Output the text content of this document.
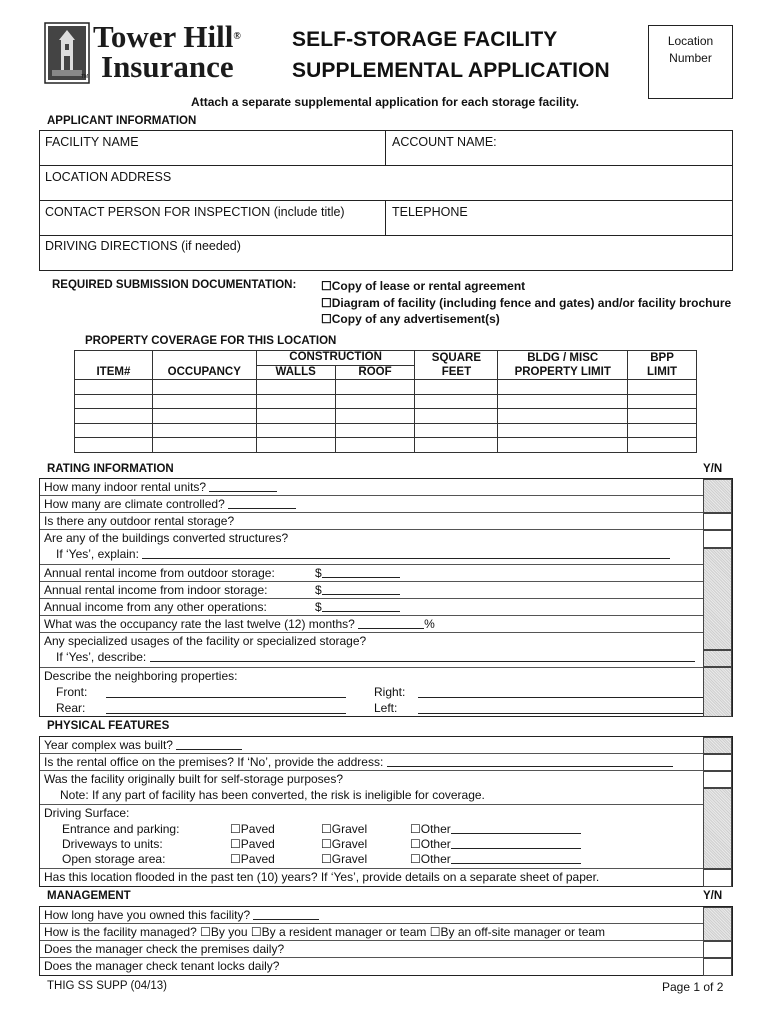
Tower Hill®
Insurance
TM
SELF-STORAGE FACILITY
SUPPLEMENTAL APPLICATION
Location
Number
Attach a separate supplemental application for each storage facility.
APPLICANT INFORMATION
FACILITY NAME	ACCOUNT NAME:
LOCATION ADDRESS
CONTACT PERSON FOR INSPECTION (include title)	TELEPHONE
DRIVING DIRECTIONS (if needed)
REQUIRED SUBMISSION DOCUMENTATION: ☐Copy of lease or rental agreement
☐Diagram of facility (including fence and gates) and/or facility brochure
☐Copy of any advertisement(s)
PROPERTY COVERAGE FOR THIS LOCATION
ITEM#	OCCUPANCY	CONSTRUCTION		SQUARE	BLDG / MISC	BPP
		WALLS	ROOF	FEET	PROPERTY LIMIT	LIMIT

RATING INFORMATION	Y/N
How many indoor rental units?
How many are climate controlled?
Is there any outdoor rental storage?
Are any of the buildings converted structures?
If ‘Yes’, explain:
Annual rental income from outdoor storage:	$
Annual rental income from indoor storage:	$
Annual income from any other operations:	$
What was the occupancy rate the last twelve (12) months?	%
Any specialized usages of the facility or specialized storage?
If ‘Yes’, describe:
Describe the neighboring properties:
Front:	Right:
Rear:	Left:
PHYSICAL FEATURES
Year complex was built?
Is the rental office on the premises? If ‘No’, provide the address:
Was the facility originally built for self-storage purposes?
Note: If any part of facility has been converted, the risk is ineligible for coverage.
Driving Surface:
Entrance and parking:	☐Paved	☐Gravel	☐Other
Driveways to units:	☐Paved	☐Gravel	☐Other
Open storage area:	☐Paved	☐Gravel	☐Other
Has this location flooded in the past ten (10) years? If ‘Yes’, provide details on a separate sheet of paper.
MANAGEMENT	Y/N
How long have you owned this facility?
How is the facility managed? ☐By you ☐By a resident manager or team ☐By an off-site manager or team
Does the manager check the premises daily?
Does the manager check tenant locks daily?
THIG SS SUPP (04/13)	Page 1 of 2
